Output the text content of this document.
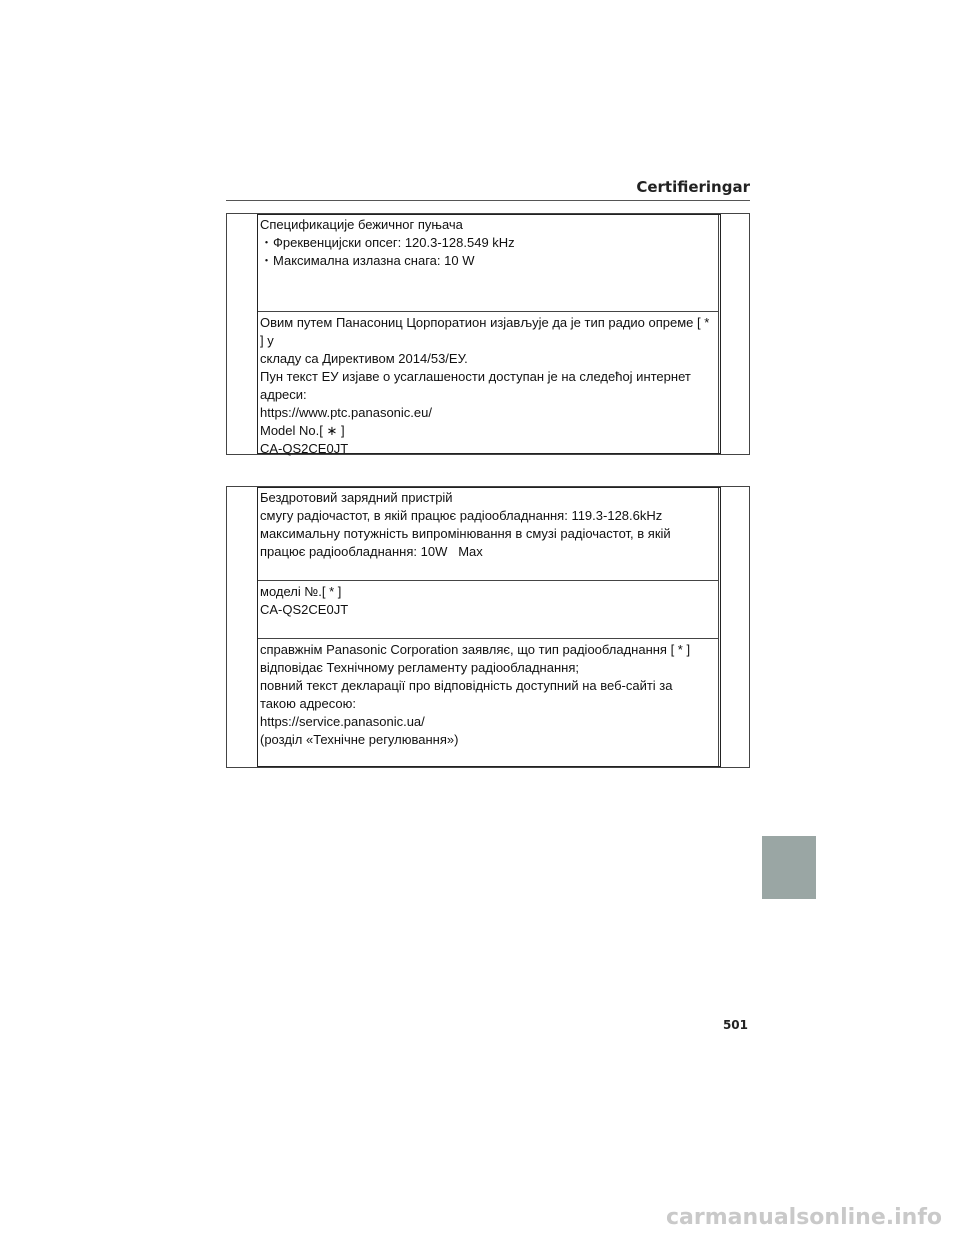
Certifieringar
Спецификације бежичног пуњача
・Фреквенцијски опсег: 120.3-128.549 kHz
・Максимална излазна снага: 10 W
Овим путем Панасониц Цорпоратион изјављује да је тип радио опреме [ * ] у
складу са Директивом 2014/53/ЕУ.
Пун текст ЕУ изјаве о усаглашености доступан је на следећој интернет
адреси:
https://www.ptc.panasonic.eu/
Model No.[ ∗ ]
CA-QS2CE0JT
Бездротовий зарядний пристрій
смугу радіочастот, в якій працює радіообладнання: 119.3-128.6kHz
максимальну потужність випромінювання в смузі радіочастот, в якій
працює радіообладнання: 10W   Max
моделі №.[ * ]
CA-QS2CE0JT
справжнім Panasonic Corporation заявляє, що тип радіообладнання [ * ]
відповідає Технічному регламенту радіообладнання;
повний текст декларації про відповідність доступний на веб-сайті за
такою адресою:
https://service.panasonic.ua/
(розділ «Технічне регулювання»)
501
carmanualsonline.info
